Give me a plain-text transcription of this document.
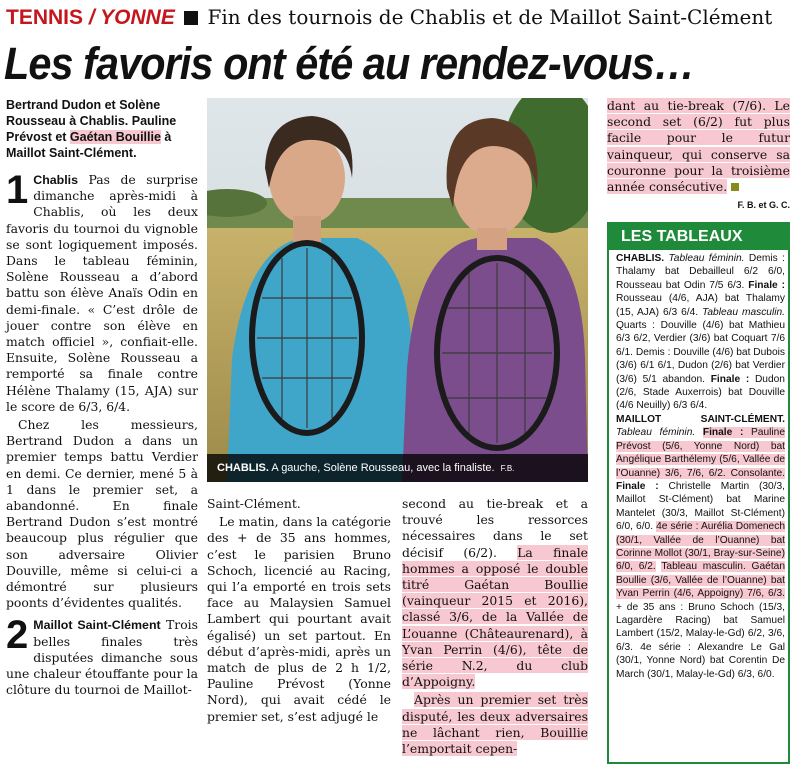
TENNIS / YONNE Fin des tournois de Chablis et de Maillot Saint-Clément
Les favoris ont été au rendez-vous…
Bertrand Dudon et Solène Rousseau à Chablis. Pauline Prévost et Gaétan Bouillie à Maillot Saint-Clément.

1 Chablis Pas de surprise dimanche après-midi à Chablis, où les deux favoris du tournoi du vignoble se sont logiquement imposés. Dans le tableau féminin, Solène Rousseau a d’abord battu son élève Anaïs Odin en demi-finale. « C’est drôle de jouer contre son élève en match officiel », confiait-elle. Ensuite, Solène Rousseau a remporté sa finale contre Hélène Thalamy (15, AJA) sur le score de 6/3, 6/4.

Chez les messieurs, Bertrand Dudon a dans un premier temps battu Verdier en demi. Ce dernier, mené 5 à 1 dans le premier set, a abandonné. En finale Bertrand Dudon s’est montré beaucoup plus régulier que son adversaire Olivier Douville, même si celui-ci a démontré sur plusieurs poonts d’évidentes qualités.

2 Maillot Saint-Clément Trois belles finales très disputées dimanche sous une chaleur étouffante pour la clôture du tournoi de Maillot-

CHABLIS. A gauche, Solène Rousseau, avec la finaliste. F.B.

Saint-Clément.

Le matin, dans la catégorie des + de 35 ans hommes, c’est le parisien Bruno Schoch, licencié au Racing, qui l’a emporté en trois sets face au Malaysien Samuel Lambert qui pourtant avait égalisé) un set partout. En début d’après-midi, après un match de plus de 2 h 1/2, Pauline Prévost (Yonne Nord), qui avait cédé le premier set, s’est adjugé le

second au tie-break et a trouvé les ressorces nécessaires dans le set décisif (6/2). La finale hommes a opposé le double titré Gaétan Boullie (vainqueur 2015 et 2016), classé 3/6, de la Vallée de L’ouanne (Châteaurenard), à Yvan Perrin (4/6), tête de série N.2, du club d’Appoigny.

Après un premier set très disputé, les deux adversaires ne lâchant rien, Bouillie l’emportait cepen-

dant au tie-break (7/6). Le second set (6/2) fut plus facile pour le futur vainqueur, qui conserve sa couronne pour la troisième année consécutive.

F. B. et G. C.
LES TABLEAUX
CHABLIS. Tableau féminin. Demis : Thalamy bat Debailleul 6/2 6/0, Rousseau bat Odin 7/5 6/3. Finale : Rousseau (4/6, AJA) bat Thalamy (15, AJA) 6/3 6/4. Tableau masculin. Quarts : Douville (4/6) bat Mathieu 6/3 6/2, Verdier (3/6) bat Coquart 7/6 6/1. Demis : Douville (4/6) bat Dubois (3/6) 6/1 6/1, Dudon (2/6) bat Verdier (3/6) 5/1 abandon. Finale : Dudon (2/6, Stade Auxerrois) bat Douville (4/6 Neuilly) 6/3 6/4.
MAILLOT SAINT-CLÉMENT. Tableau féminin. Finale : Pauline Prévost (5/6, Yonne Nord) bat Angélique Barthélemy (5/6, Vallée de l’Ouanne) 3/6, 7/6, 6/2. Consolante. Finale : Christelle Martin (30/3, Maillot St-Clément) bat Marine Mantelet (30/3, Maillot St-Clément) 6/0, 6/0. 4e série : Aurélia Domenech (30/1, Vallée de l’Ouanne) bat Corinne Mollot (30/1, Bray-sur-Seine) 6/0, 6/2. Tableau masculin. Gaétan Boullie (3/6, Vallée de l’Ouanne) bat Yvan Perrin (4/6, Appoigny) 7/6, 6/3. + de 35 ans : Bruno Schoch (15/3, Lagardère Racing) bat Samuel Lambert (15/2, Malay-le-Gd) 6/2, 3/6, 6/3. 4e série : Alexandre Le Gal (30/1, Yonne Nord) bat Corentin De March (30/1, Malay-le-Gd) 6/3, 6/0.
